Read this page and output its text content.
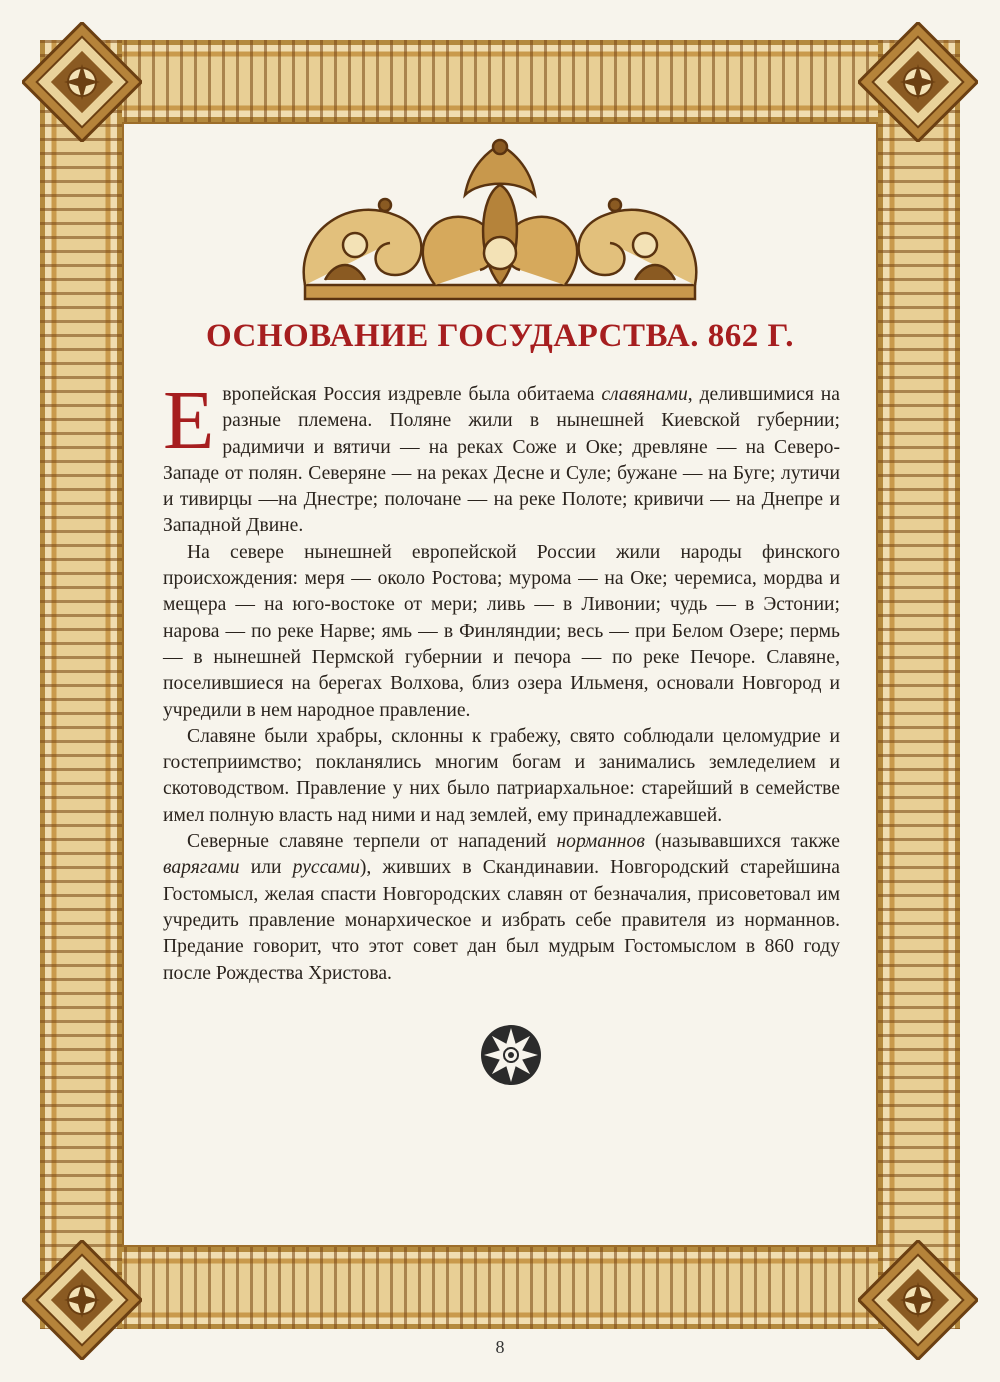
ОСНОВАНИЕ ГОСУДАРСТВА. 862 Г.

Европейская Россия издревле была обитаема славянами, делившимися на разные племена. Поляне жили в нынешней Киевской губернии; радимичи и вятичи — на реках Соже и Оке; древляне — на Северо-Западе от полян. Северяне — на реках Десне и Суле; бужане — на Буге; лутичи и тивирцы —на Днестре; полочане — на реке Полоте; кривичи — на Днепре и Западной Двине.

На севере нынешней европейской России жили народы финского происхождения: меря — около Ростова; мурома — на Оке; черемиса, мордва и мещера — на юго-востоке от мери; ливь — в Ливонии; чудь — в Эстонии; нарова — по реке Нарве; ямь — в Финляндии; весь — при Белом Озере; пермь — в нынешней Пермской губернии и печора — по реке Печоре. Славяне, поселившиеся на берегах Волхова, близ озера Ильменя, основали Новгород и учредили в нем народное правление.

Славяне были храбры, склонны к грабежу, свято соблюдали целомудрие и гостеприимство; покланялись многим богам и занимались земледелием и скотоводством. Правление у них было патриархальное: старейший в семействе имел полную власть над ними и над землей, ему принадлежавшей.

Северные славяне терпели от нападений норманнов (называвшихся также варягами или руссами), живших в Скандинавии. Новгородский старейшина Гостомысл, желая спасти Новгородских славян от безначалия, присоветовал им учредить правление монархическое и избрать себе правителя из норманнов. Предание говорит, что этот совет дан был мудрым Гостомыслом в 860 году после Рождества Христова.

8
